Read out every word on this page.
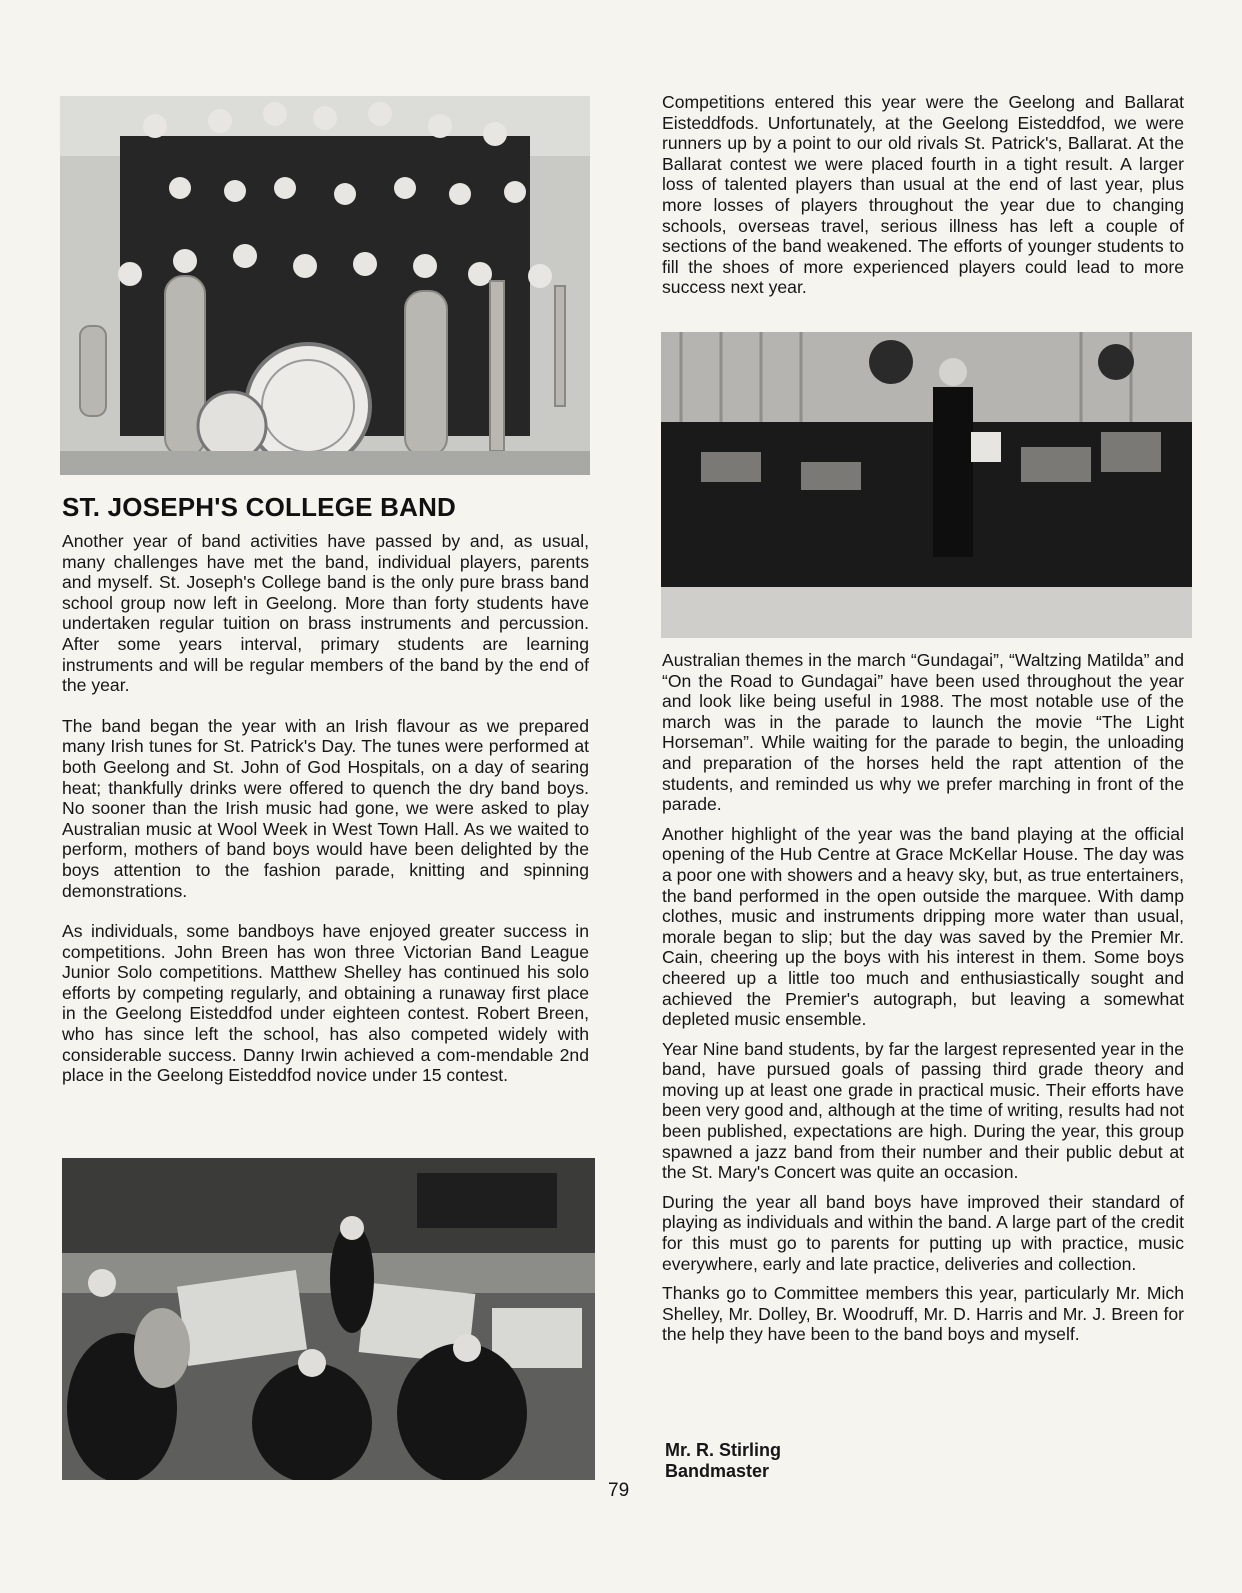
ST. JOSEPH'S COLLEGE BAND

Another year of band activities have passed by and, as usual, many challenges have met the band, individual players, parents and myself. St. Joseph's College band is the only pure brass band school group now left in Geelong. More than forty students have undertaken regular tuition on brass instruments and percussion. After some years interval, primary students are learning instruments and will be regular members of the band by the end of the year.

The band began the year with an Irish flavour as we prepared many Irish tunes for St. Patrick's Day. The tunes were performed at both Geelong and St. John of God Hospitals, on a day of searing heat; thankfully drinks were offered to quench the dry band boys. No sooner than the Irish music had gone, we were asked to play Australian music at Wool Week in West Town Hall. As we waited to perform, mothers of band boys would have been delighted by the boys attention to the fashion parade, knitting and spinning demonstrations.

As individuals, some bandboys have enjoyed greater success in competitions. John Breen has won three Victorian Band League Junior Solo competitions. Matthew Shelley has continued his solo efforts by competing regularly, and obtaining a runaway first place in the Geelong Eisteddfod under eighteen contest. Robert Breen, who has since left the school, has also competed widely with considerable success. Danny Irwin achieved a com-mendable 2nd place in the Geelong Eisteddfod novice under 15 contest.

Competitions entered this year were the Geelong and Ballarat Eisteddfods. Unfortunately, at the Geelong Eisteddfod, we were runners up by a point to our old rivals St. Patrick's, Ballarat. At the Ballarat contest we were placed fourth in a tight result. A larger loss of talented players than usual at the end of last year, plus more losses of players throughout the year due to changing schools, overseas travel, serious illness has left a couple of sections of the band weakened. The efforts of younger students to fill the shoes of more experienced players could lead to more success next year.

Australian themes in the march “Gundagai”, “Waltzing Matilda” and “On the Road to Gundagai” have been used throughout the year and look like being useful in 1988. The most notable use of the march was in the parade to launch the movie “The Light Horseman”. While waiting for the parade to begin, the unloading and preparation of the horses held the rapt attention of the students, and reminded us why we prefer marching in front of the parade.

Another highlight of the year was the band playing at the official opening of the Hub Centre at Grace McKellar House. The day was a poor one with showers and a heavy sky, but, as true entertainers, the band performed in the open outside the marquee. With damp clothes, music and instruments dripping more water than usual, morale began to slip; but the day was saved by the Premier Mr. Cain, cheering up the boys with his interest in them. Some boys cheered up a little too much and enthusiastically sought and achieved the Premier's autograph, but leaving a somewhat depleted music ensemble.

Year Nine band students, by far the largest represented year in the band, have pursued goals of passing third grade theory and moving up at least one grade in practical music. Their efforts have been very good and, although at the time of writing, results had not been published, expectations are high. During the year, this group spawned a jazz band from their number and their public debut at the St. Mary's Concert was quite an occasion.

During the year all band boys have improved their standard of playing as individuals and within the band. A large part of the credit for this must go to parents for putting up with practice, music everywhere, early and late practice, deliveries and collection.

Thanks go to Committee members this year, particularly Mr. Mich Shelley, Mr. Dolley, Br. Woodruff, Mr. D. Harris and Mr. J. Breen for the help they have been to the band boys and myself.

Mr. R. Stirling
Bandmaster
79
